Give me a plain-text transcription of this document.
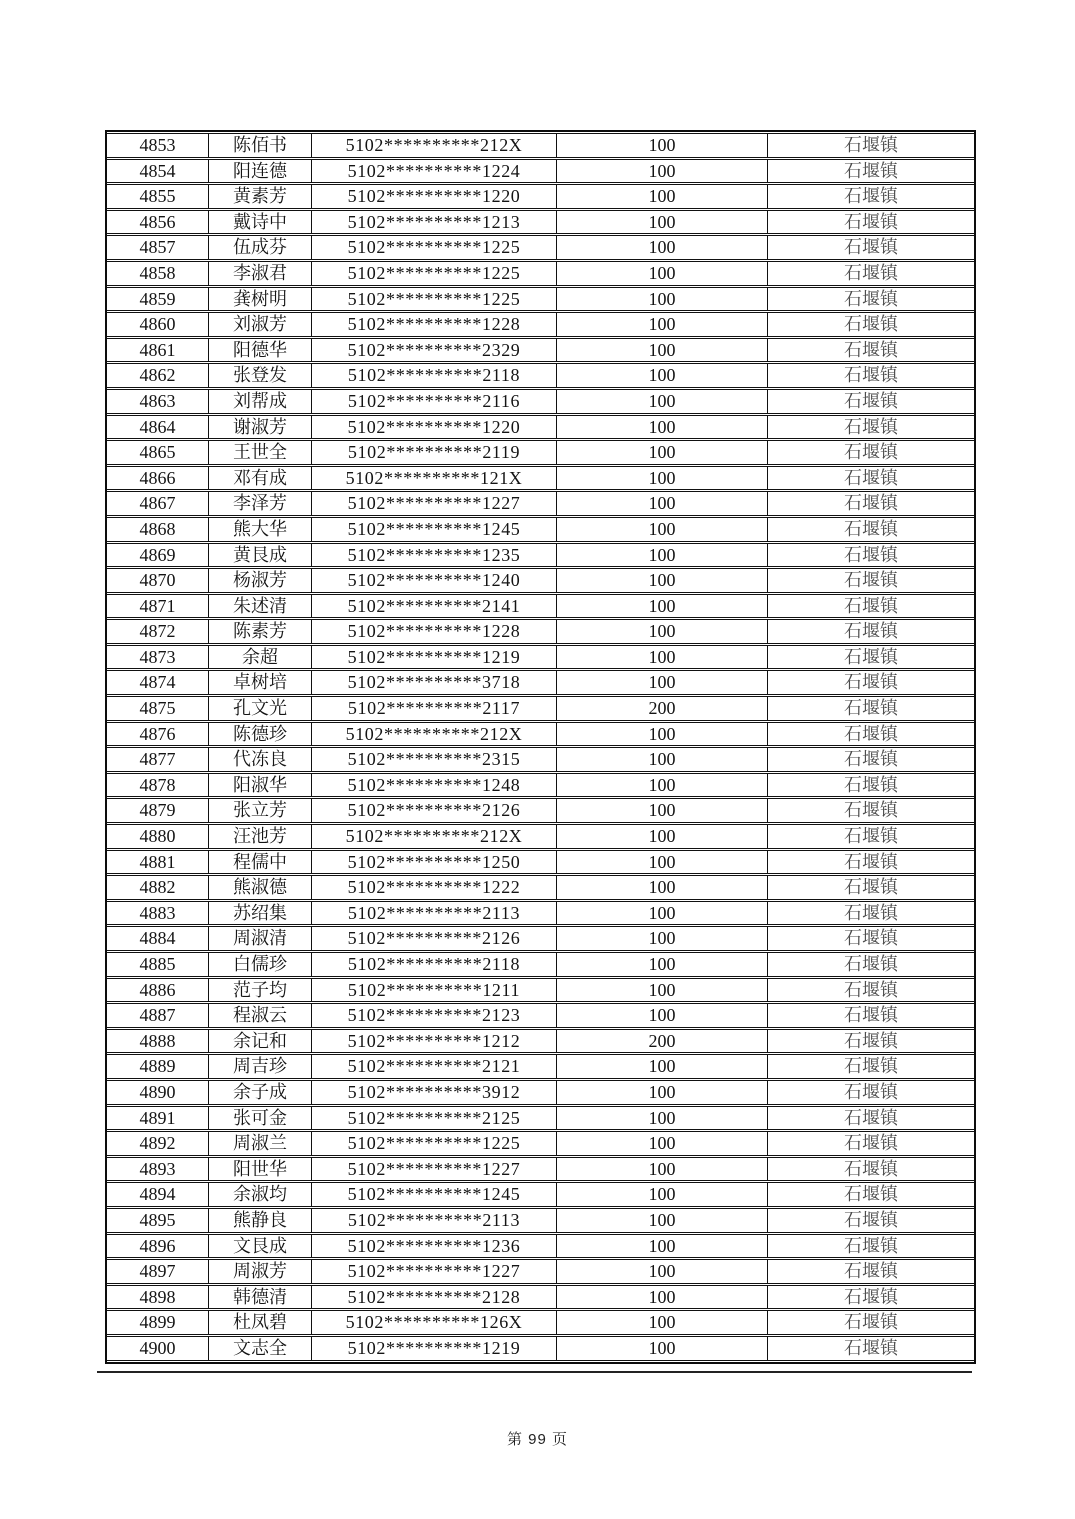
4853	陈佰书	5102**********212X	100	石堰镇

4854	阳连德	5102**********1224	100	石堰镇

4855	黄素芳	5102**********1220	100	石堰镇

4856	戴诗中	5102**********1213	100	石堰镇

4857	伍成芬	5102**********1225	100	石堰镇

4858	李淑君	5102**********1225	100	石堰镇

4859	龚树明	5102**********1225	100	石堰镇

4860	刘淑芳	5102**********1228	100	石堰镇

4861	阳德华	5102**********2329	100	石堰镇

4862	张登发	5102**********2118	100	石堰镇

4863	刘帮成	5102**********2116	100	石堰镇

4864	谢淑芳	5102**********1220	100	石堰镇

4865	王世全	5102**********2119	100	石堰镇

4866	邓有成	5102**********121X	100	石堰镇

4867	李泽芳	5102**********1227	100	石堰镇

4868	熊大华	5102**********1245	100	石堰镇

4869	黄艮成	5102**********1235	100	石堰镇

4870	杨淑芳	5102**********1240	100	石堰镇

4871	朱述清	5102**********2141	100	石堰镇

4872	陈素芳	5102**********1228	100	石堰镇

4873	余超	5102**********1219	100	石堰镇

4874	卓树培	5102**********3718	100	石堰镇

4875	孔文光	5102**********2117	200	石堰镇

4876	陈德珍	5102**********212X	100	石堰镇

4877	代冻良	5102**********2315	100	石堰镇

4878	阳淑华	5102**********1248	100	石堰镇

4879	张立芳	5102**********2126	100	石堰镇

4880	汪池芳	5102**********212X	100	石堰镇

4881	程儒中	5102**********1250	100	石堰镇

4882	熊淑德	5102**********1222	100	石堰镇

4883	苏绍集	5102**********2113	100	石堰镇

4884	周淑清	5102**********2126	100	石堰镇

4885	白儒珍	5102**********2118	100	石堰镇

4886	范子均	5102**********1211	100	石堰镇

4887	程淑云	5102**********2123	100	石堰镇

4888	余记和	5102**********1212	200	石堰镇

4889	周吉珍	5102**********2121	100	石堰镇

4890	余子成	5102**********3912	100	石堰镇

4891	张可金	5102**********2125	100	石堰镇

4892	周淑兰	5102**********1225	100	石堰镇

4893	阳世华	5102**********1227	100	石堰镇

4894	余淑均	5102**********1245	100	石堰镇

4895	熊静良	5102**********2113	100	石堰镇

4896	文艮成	5102**********1236	100	石堰镇

4897	周淑芳	5102**********1227	100	石堰镇

4898	韩德清	5102**********2128	100	石堰镇

4899	杜凤碧	5102**********126X	100	石堰镇

4900	文志全	5102**********1219	100	石堰镇
第 99 页
